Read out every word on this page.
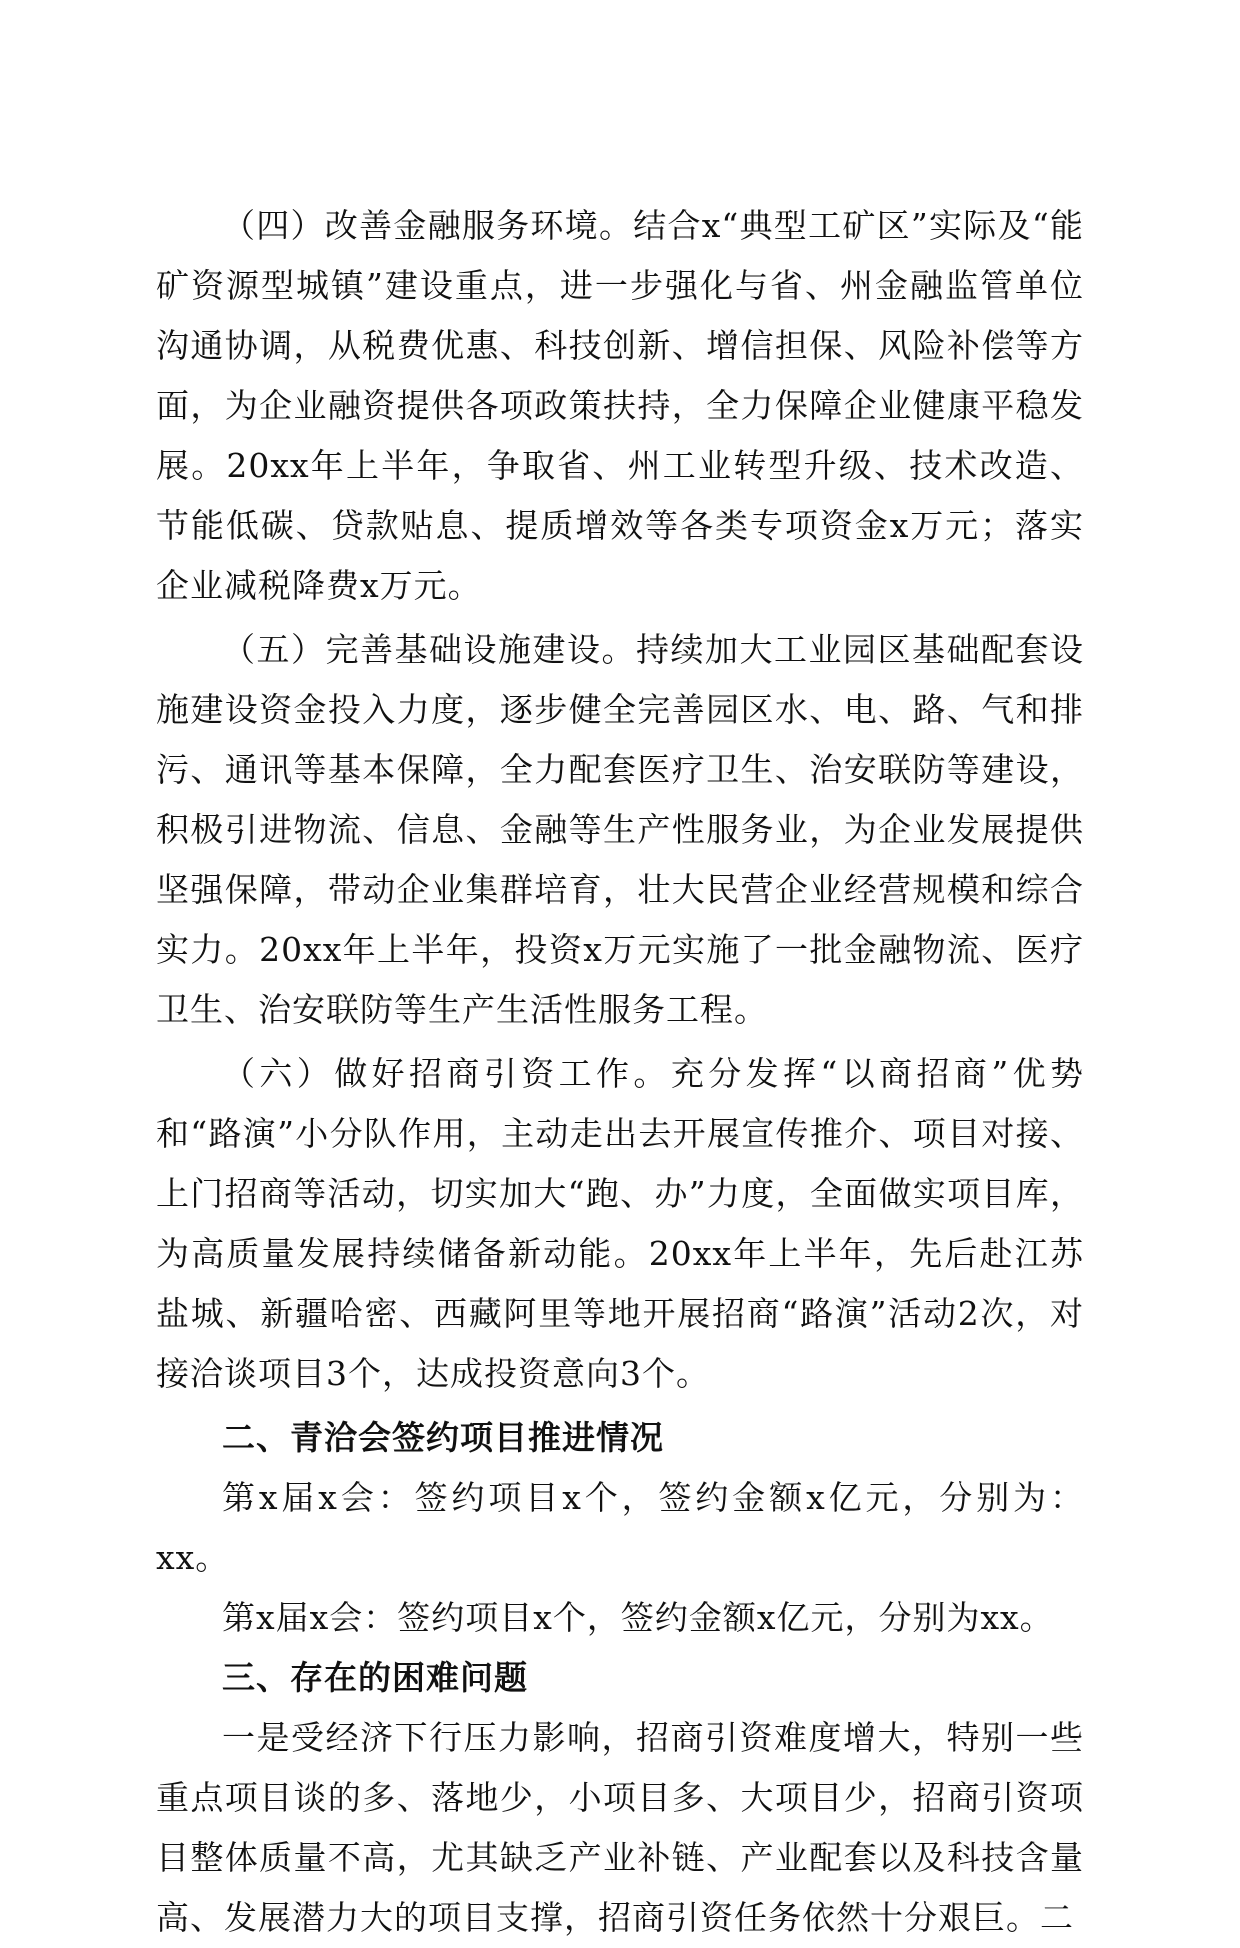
（四）改善金融服务环境。结合x“典型工矿区”实际及“能矿资源型城镇”建设重点，进一步强化与省、州金融监管单位沟通协调，从税费优惠、科技创新、增信担保、风险补偿等方面，为企业融资提供各项政策扶持，全力保障企业健康平稳发展。20xx年上半年，争取省、州工业转型升级、技术改造、节能低碳、贷款贴息、提质增效等各类专项资金x万元；落实企业减税降费x万元。

（五）完善基础设施建设。持续加大工业园区基础配套设施建设资金投入力度，逐步健全完善园区水、电、路、气和排污、通讯等基本保障，全力配套医疗卫生、治安联防等建设，积极引进物流、信息、金融等生产性服务业，为企业发展提供坚强保障，带动企业集群培育，壮大民营企业经营规模和综合实力。20xx年上半年，投资x万元实施了一批金融物流、医疗卫生、治安联防等生产生活性服务工程。

（六）做好招商引资工作。充分发挥“以商招商”优势和“路演”小分队作用，主动走出去开展宣传推介、项目对接、上门招商等活动，切实加大“跑、办”力度，全面做实项目库，为高质量发展持续储备新动能。20xx年上半年，先后赴江苏盐城、新疆哈密、西藏阿里等地开展招商“路演”活动2次，对接洽谈项目3个，达成投资意向3个。

二、青洽会签约项目推进情况

第x届x会：签约项目x个，签约金额x亿元，分别为：xx。

第x届x会：签约项目x个，签约金额x亿元，分别为xx。

三、存在的困难问题

一是受经济下行压力影响，招商引资难度增大，特别一些重点项目谈的多、落地少，小项目多、大项目少，招商引资项目整体质量不高，尤其缺乏产业补链、产业配套以及科技含量高、发展潜力大的项目支撑，招商引资任务依然十分艰巨。二
